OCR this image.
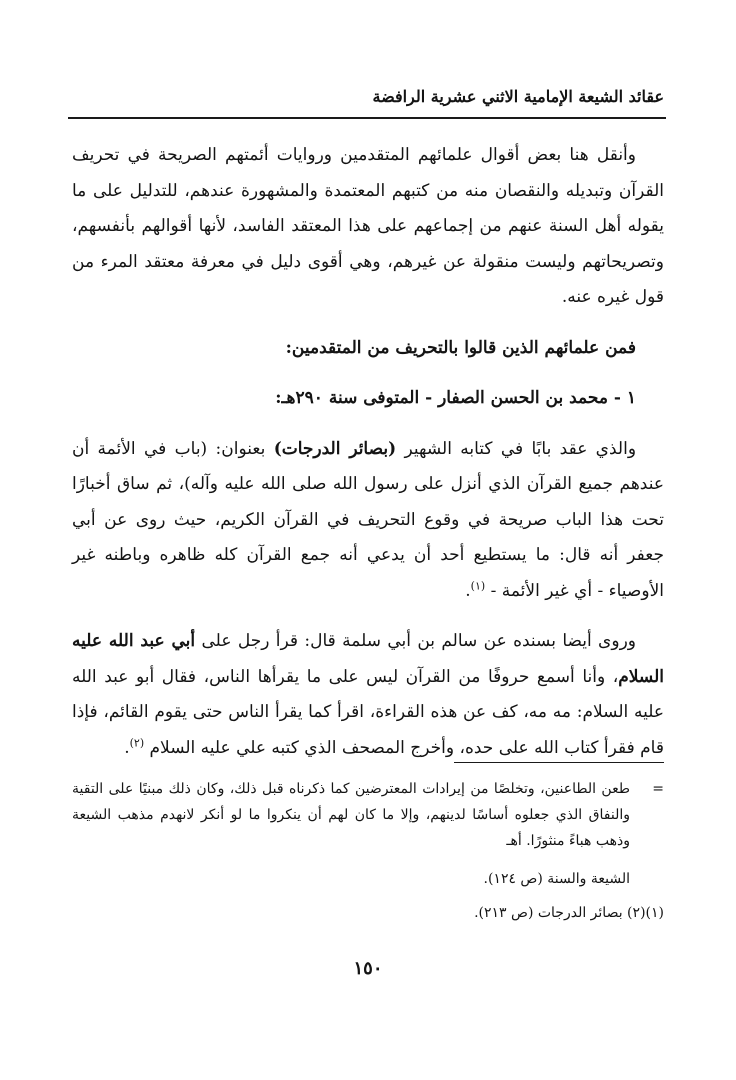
عقائد الشيعة الإمامية الاثني عشرية الرافضة

وأنقل هنا بعض أقوال علمائهم المتقدمين وروايات أئمتهم الصريحة في تحريف القرآن وتبديله والنقصان منه من كتبهم المعتمدة والمشهورة عندهم، للتدليل على ما يقوله أهل السنة عنهم من إجماعهم على هذا المعتقد الفاسد، لأنها أقوالهم بأنفسهم، وتصريحاتهم وليست منقولة عن غيرهم، وهي أقوى دليل في معرفة معتقد المرء من قول غيره عنه.

فمن علمائهم الذين قالوا بالتحريف من المتقدمين:

١ - محمد بن الحسن الصفار - المتوفى سنة ٢٩٠هـ:

والذي عقد بابًا في كتابه الشهير (بصائر الدرجات) بعنوان: (باب في الأئمة أن عندهم جميع القرآن الذي أنزل على رسول الله صلى الله عليه وآله)، ثم ساق أخبارًا تحت هذا الباب صريحة في وقوع التحريف في القرآن الكريم، حيث روى عن أبي جعفر أنه قال: ما يستطيع أحد أن يدعي أنه جمع القرآن كله ظاهره وباطنه غير الأوصياء - أي غير الأئمة - $^{(١)}$.

وروى أيضا بسنده عن سالم بن أبي سلمة قال: قرأ رجل على أبي عبد الله عليه السلام، وأنا أسمع حروفًا من القرآن ليس على ما يقرأها الناس، فقال أبو عبد الله عليه السلام: مه مه، كف عن هذه القراءة، اقرأ كما يقرأ الناس حتى يقوم القائم، فإذا قام فقرأ كتاب الله على حده، وأخرج المصحف الذي كتبه علي عليه السلام $^{(٢)}$.

=
طعن الطاعنين، وتخلصًا من إيرادات المعترضين كما ذكرناه قبل ذلك، وكان ذلك مبنيًا على التقية والنفاق الذي جعلوه أساسًا لدينهم، وإلا ما كان لهم أن ينكروا ما لو أنكر لانهدم مذهب الشيعة وذهب هباءً منثورًا. أهـ
الشيعة والسنة (ص ١٢٤).
(١)(٢) بصائر الدرجات (ص ٢١٣).
١٥٠
